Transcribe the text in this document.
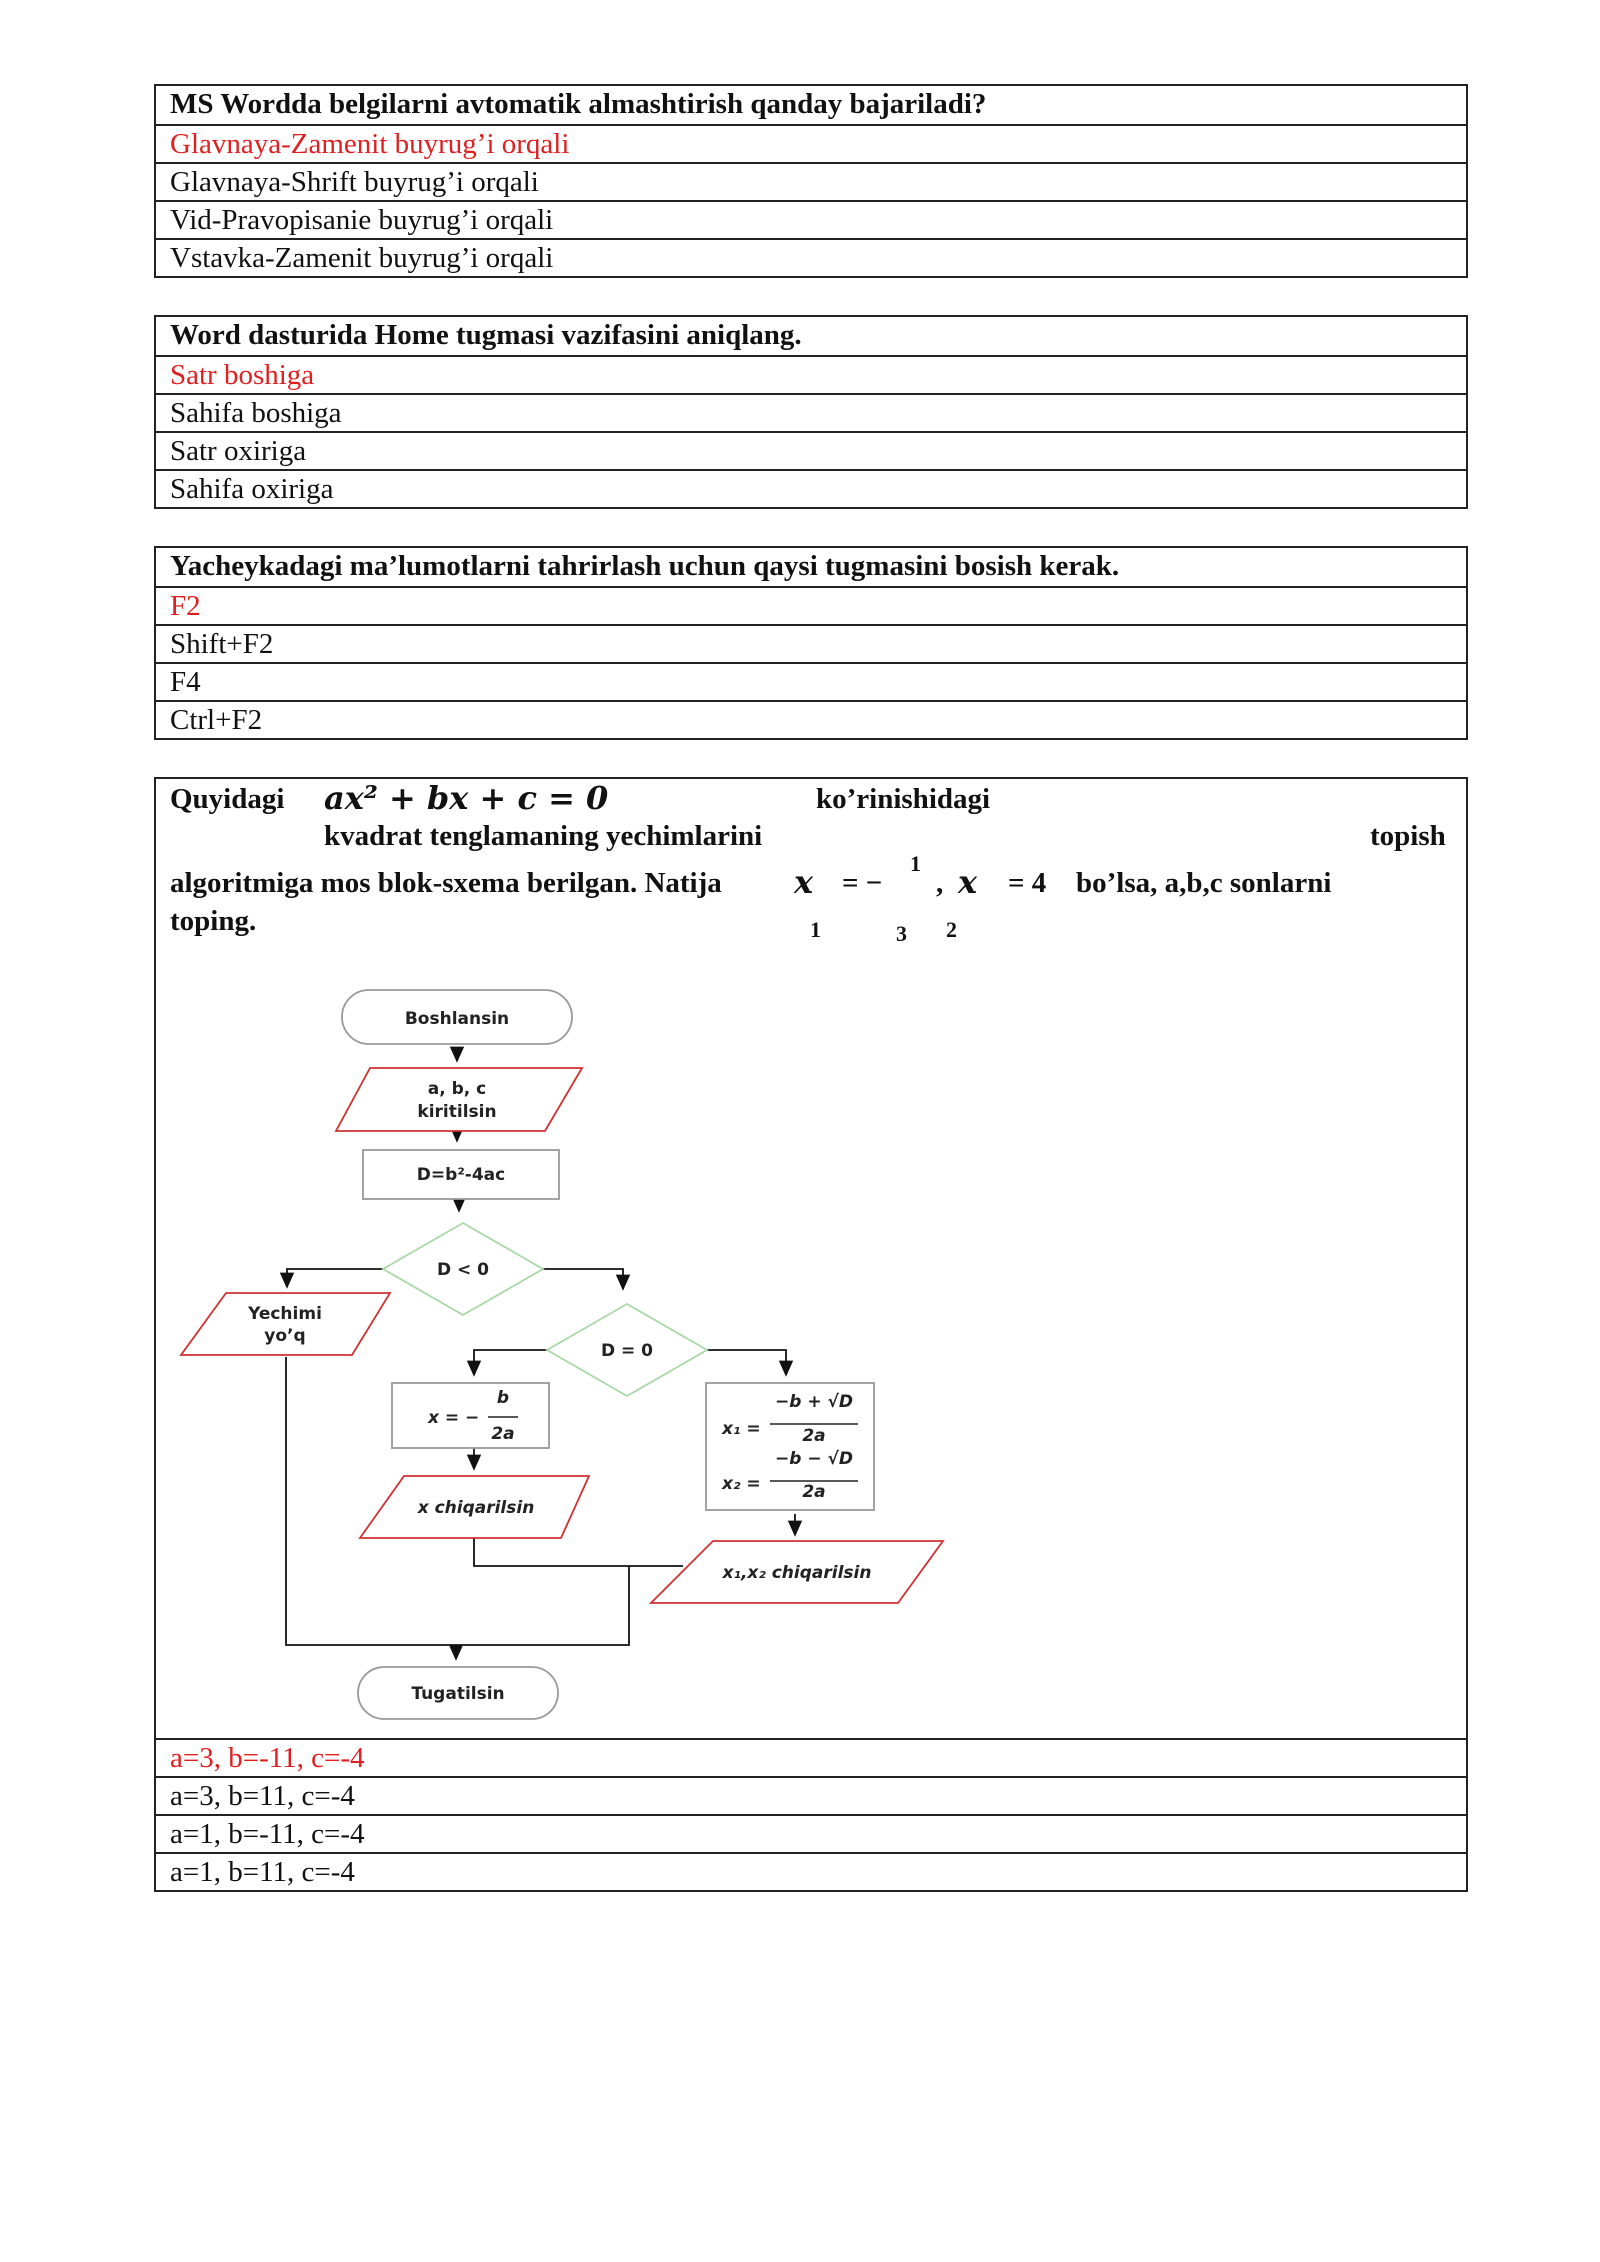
MS Wordda belgilarni avtomatik almashtirish qanday bajariladi?
Glavnaya-Zamenit buyrug’i orqali
Glavnaya-Shrift buyrug’i orqali
Vid-Pravopisanie buyrug’i orqali
Vstavka-Zamenit buyrug’i orqali
Word dasturida Home tugmasi vazifasini aniqlang.
Satr boshiga
Sahifa boshiga
Satr oxiriga
Sahifa oxiriga
Yacheykadagi ma’lumotlarni tahrirlash uchun qaysi tugmasini bosish kerak.
F2
Shift+F2
F4
Ctrl+F2
Quyidagi ax² + bx + c = 0	ko’rinishidagi
kvadrat tenglamaning yechimlarini	topish
algoritmiga mos blok-sxema berilgan. Natija x = −
1
, x = 4 bo’lsa, a,b,c sonlarni
toping.	1	3 2
Boshlansin
a, b, c
kiritilsin
D=b²-4ac
D < 0
D = 0
Yechimi
yo’q
x = −
b
2a	x₁ =
−b + √D
2a
x₂ =
−b − √D
2a
x chiqarilsin
x₁,x₂ chiqarilsin
Tugatilsin
a=3, b=-11, c=-4
a=3, b=11, c=-4
a=1, b=-11, c=-4
a=1, b=11, c=-4
